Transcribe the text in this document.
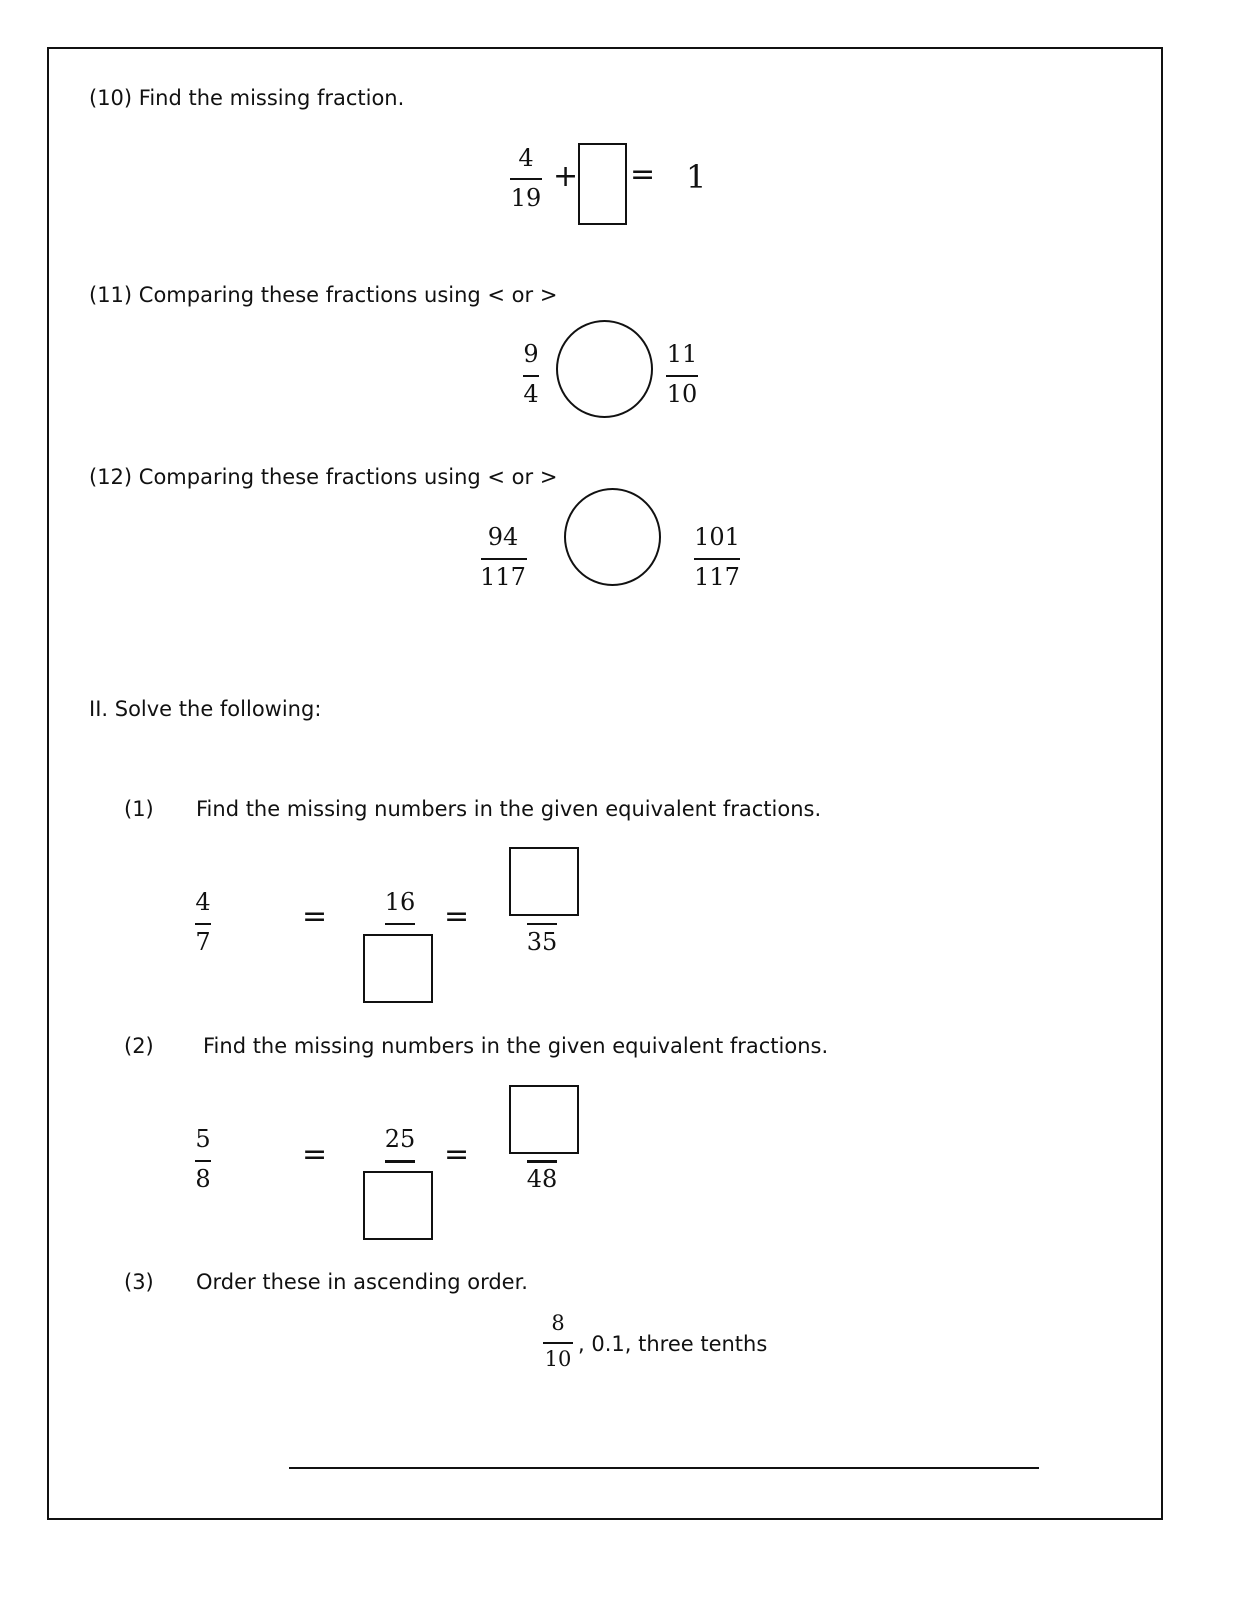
(10) Find the missing fraction.
4
19
+ = 1
(11) Comparing these fractions using < or >
9
4
11
10
(12) Comparing these fractions using < or >
94
117
101
117
II. Solve the following:
(1) Find the missing numbers in the given equivalent fractions.
4
7
= 16 =
35
(2) Find the missing numbers in the given equivalent fractions.
5
8
= 25 =
48
(3) Order these in ascending order.
8
10
, 0.1, three tenths
